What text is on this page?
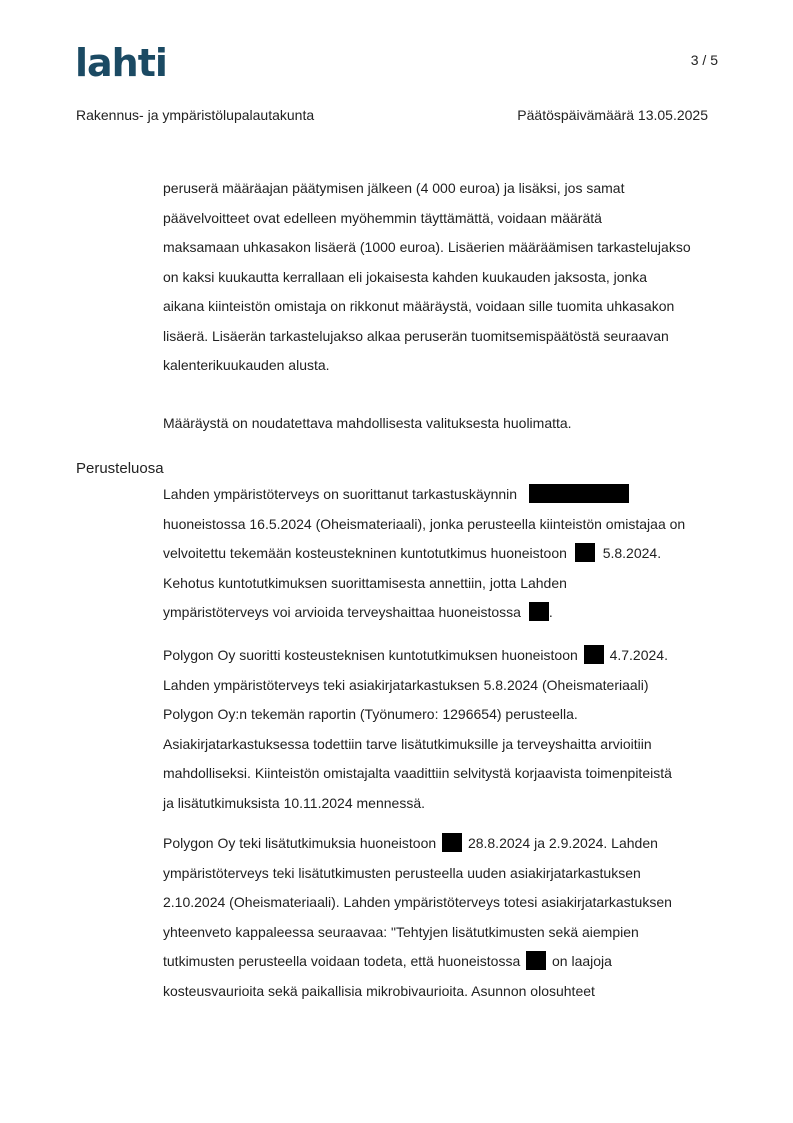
lahti	3 / 5
Rakennus- ja ympäristölupalautakunta	Päätöspäivämäärä 13.05.2025

peruserä määräajan päätymisen jälkeen (4 000 euroa) ja lisäksi, jos samat

päävelvoitteet ovat edelleen myöhemmin täyttämättä, voidaan määrätä

maksamaan uhkasakon lisäerä (1000 euroa). Lisäerien määräämisen tarkastelujakso

on kaksi kuukautta kerrallaan eli jokaisesta kahden kuukauden jaksosta, jonka

aikana kiinteistön omistaja on rikkonut määräystä, voidaan sille tuomita uhkasakon

lisäerä. Lisäerän tarkastelujakso alkaa peruserän tuomitsemispäätöstä seuraavan

kalenterikuukauden alusta.

Määräystä on noudatettava mahdollisesta valituksesta huolimatta.

Perusteluosa

Lahden ympäristöterveys on suorittanut tarkastuskäynnin

huoneistossa 16.5.2024 (Oheismateriaali), jonka perusteella kiinteistön omistajaa on

velvoitettu tekemään kosteustekninen kuntotutkimus huoneistoon	5.8.2024.

Kehotus kuntotutkimuksen suorittamisesta annettiin, jotta Lahden

ympäristöterveys voi arvioida terveyshaittaa huoneistossa .

Polygon Oy suoritti kosteusteknisen kuntotutkimuksen huoneistoon 4.7.2024.

Lahden ympäristöterveys teki asiakirjatarkastuksen 5.8.2024 (Oheismateriaali)

Polygon Oy:n tekemän raportin (Työnumero: 1296654) perusteella.

Asiakirjatarkastuksessa todettiin tarve lisätutkimuksille ja terveyshaitta arvioitiin

mahdolliseksi. Kiinteistön omistajalta vaadittiin selvitystä korjaavista toimenpiteistä

ja lisätutkimuksista 10.11.2024 mennessä.

Polygon Oy teki lisätutkimuksia huoneistoon 28.8.2024 ja 2.9.2024. Lahden

ympäristöterveys teki lisätutkimusten perusteella uuden asiakirjatarkastuksen

2.10.2024 (Oheismateriaali). Lahden ympäristöterveys totesi asiakirjatarkastuksen

yhteenveto kappaleessa seuraavaa: "Tehtyjen lisätutkimusten sekä aiempien

tutkimusten perusteella voidaan todeta, että huoneistossa on laajoja

kosteusvaurioita sekä paikallisia mikrobivaurioita. Asunnon olosuhteet
